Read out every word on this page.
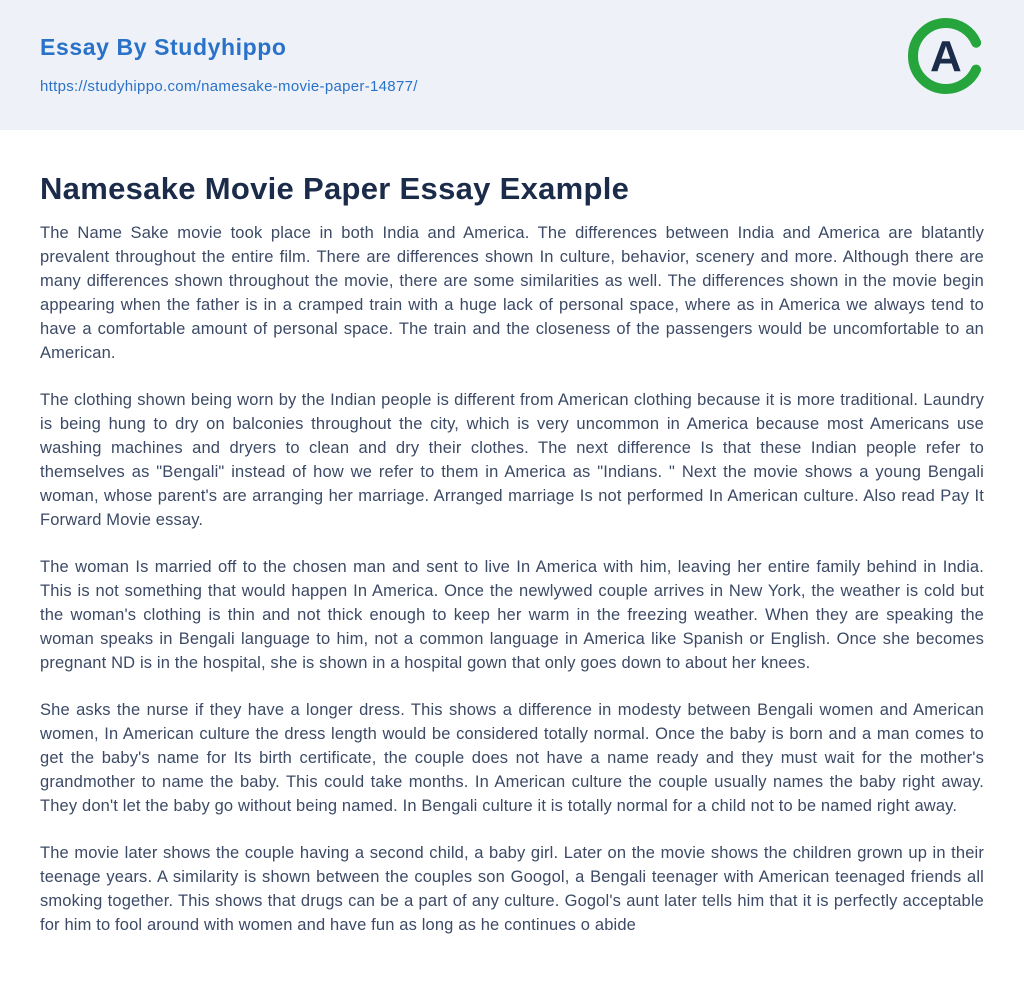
Essay By Studyhippo
https://studyhippo.com/namesake-movie-paper-14877/
A
Namesake Movie Paper Essay Example

The Name Sake movie took place in both India and America. The differences between India and America are blatantly prevalent throughout the entire film. There are differences shown In culture, behavior, scenery and more. Although there are many differences shown throughout the movie, there are some similarities as well. The differences shown in the movie begin appearing when the father is in a cramped train with a huge lack of personal space, where as in America we always tend to have a comfortable amount of personal space. The train and the closeness of the passengers would be uncomfortable to an American.

The clothing shown being worn by the Indian people is different from American clothing because it is more traditional. Laundry is being hung to dry on balconies throughout the city, which is very uncommon in America because most Americans use washing machines and dryers to clean and dry their clothes. The next difference Is that these Indian people refer to themselves as "Bengali" instead of how we refer to them in America as "Indians. " Next the movie shows a young Bengali woman, whose parent's are arranging her marriage. Arranged marriage Is not performed In American culture. Also read Pay It Forward Movie essay.

The woman Is married off to the chosen man and sent to live In America with him, leaving her entire family behind in India. This is not something that would happen In America. Once the newlywed couple arrives in New York, the weather is cold but the woman's clothing is thin and not thick enough to keep her warm in the freezing weather. When they are speaking the woman speaks in Bengali language to him, not a common language in America like Spanish or English. Once she becomes pregnant ND is in the hospital, she is shown in a hospital gown that only goes down to about her knees.

She asks the nurse if they have a longer dress. This shows a difference in modesty between Bengali women and American women, In American culture the dress length would be considered totally normal. Once the baby is born and a man comes to get the baby's name for Its birth certificate, the couple does not have a name ready and they must wait for the mother's grandmother to name the baby. This could take months. In American culture the couple usually names the baby right away. They don't let the baby go without being named. In Bengali culture it is totally normal for a child not to be named right away.

The movie later shows the couple having a second child, a baby girl. Later on the movie shows the children grown up in their teenage years. A similarity is shown between the couples son Googol, a Bengali teenager with American teenaged friends all smoking together. This shows that drugs can be a part of any culture. Gogol's aunt later tells him that it is perfectly acceptable for him to fool around with women and have fun as long as he continues o abide
